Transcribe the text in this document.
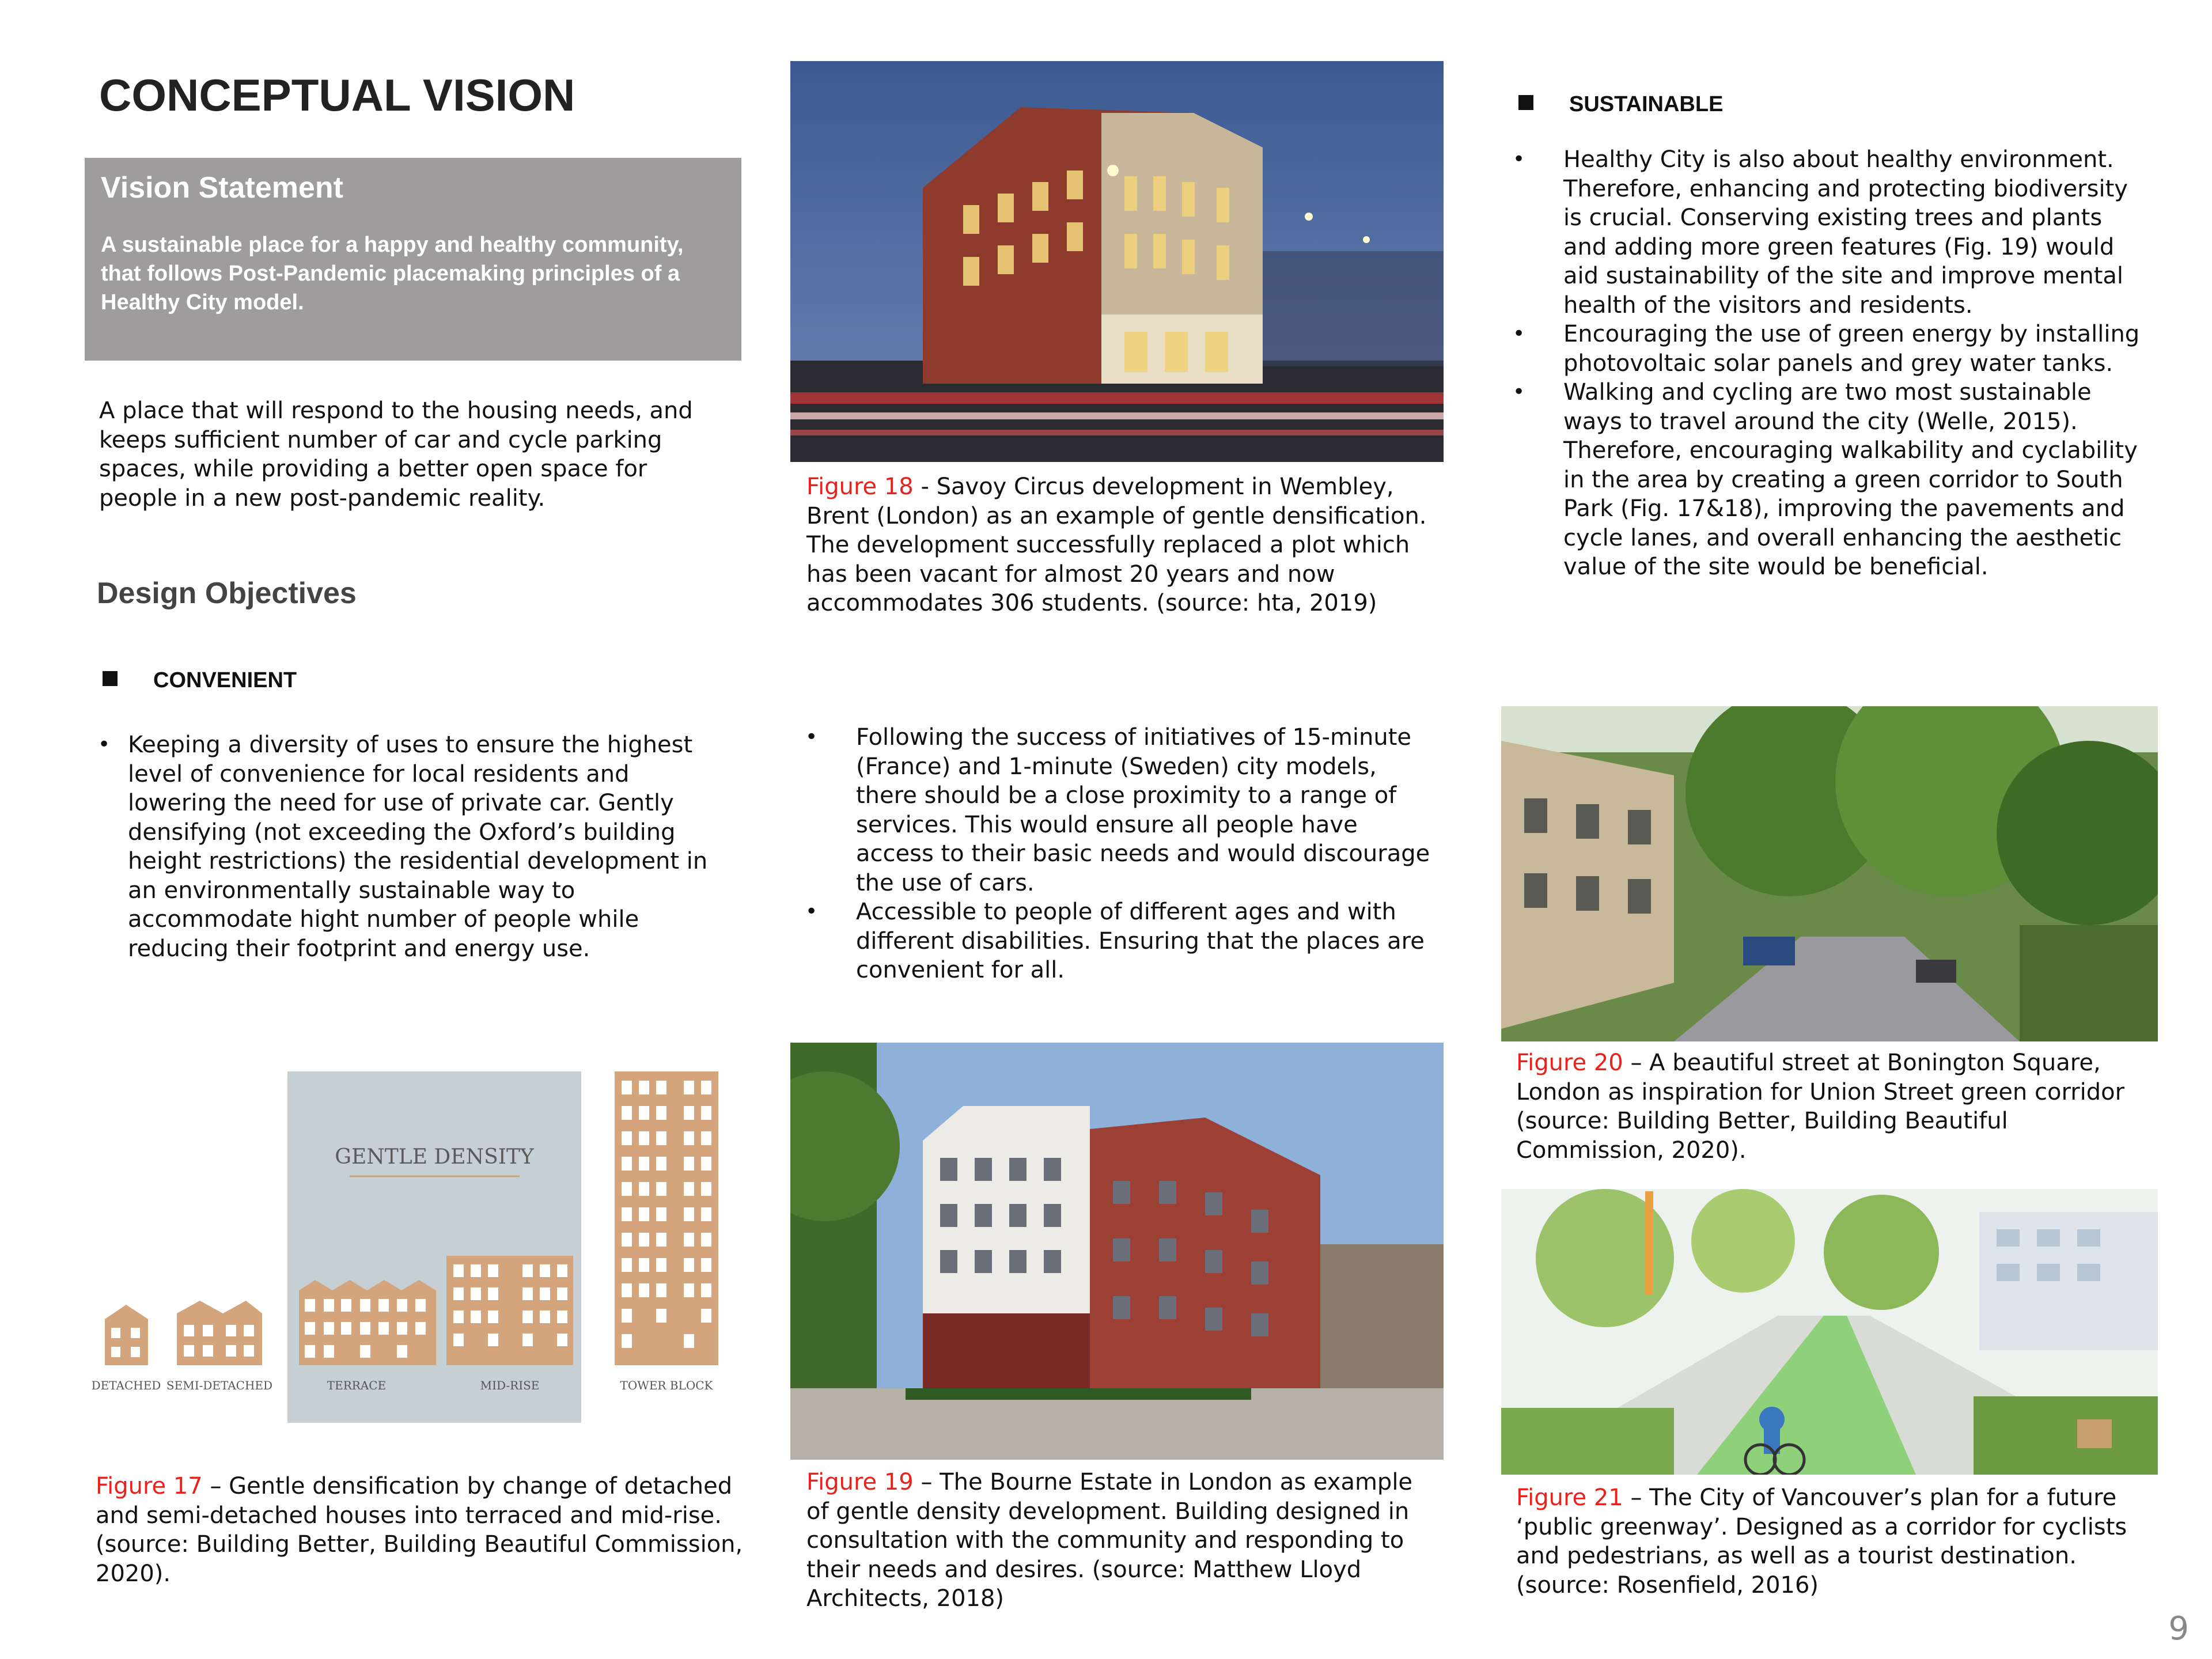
CONCEPTUAL VISION
Vision Statement
A sustainable place for a happy and healthy community, that follows Post-Pandemic placemaking principles of a Healthy City model.
A place that will respond to the housing needs, and keeps sufficient number of car and cycle parking spaces, while providing a better open space for people in a new post-pandemic reality.
Design Objectives
CONVENIENT
• Keeping a diversity of uses to ensure the highest level of convenience for local residents and lowering the need for use of private car. Gently densifying (not exceeding the Oxford’s building height restrictions) the residential development in an environmentally sustainable way to accommodate hight number of people while reducing their footprint and energy use.
GENTLE DENSITY
DETACHED SEMI-DETACHED	TERRACE	MID-RISE	TOWER BLOCK
Figure 17 – Gentle densification by change of detached and semi-detached houses into terraced and mid-rise. (source: Building Better, Building Beautiful Commission, 2020).
Figure 18 - Savoy Circus development in Wembley, Brent (London) as an example of gentle densification. The development successfully replaced a plot which has been vacant for almost 20 years and now accommodates 306 students. (source: hta, 2019)
• Following the success of initiatives of 15-minute (France) and 1-minute (Sweden) city models, there should be a close proximity to a range of services. This would ensure all people have access to their basic needs and would discourage the use of cars.
• Accessible to people of different ages and with different disabilities. Ensuring that the places are convenient for all.
Figure 19 – The Bourne Estate in London as example of gentle density development. Building designed in consultation with the community and responding to their needs and desires. (source: Matthew Lloyd Architects, 2018)
SUSTAINABLE
• Healthy City is also about healthy environment. Therefore, enhancing and protecting biodiversity is crucial. Conserving existing trees and plants and adding more green features (Fig. 19) would aid sustainability of the site and improve mental health of the visitors and residents.
• Encouraging the use of green energy by installing photovoltaic solar panels and grey water tanks.
• Walking and cycling are two most sustainable ways to travel around the city (Welle, 2015). Therefore, encouraging walkability and cyclability in the area by creating a green corridor to South Park (Fig. 17&18), improving the pavements and cycle lanes, and overall enhancing the aesthetic value of the site would be beneficial.
Figure 20 – A beautiful street at Bonington Square, London as inspiration for Union Street green corridor (source: Building Better, Building Beautiful Commission, 2020).
Figure 21 – The City of Vancouver’s plan for a future ‘public greenway’. Designed as a corridor for cyclists and pedestrians, as well as a tourist destination. (source: Rosenfield, 2016)
9
